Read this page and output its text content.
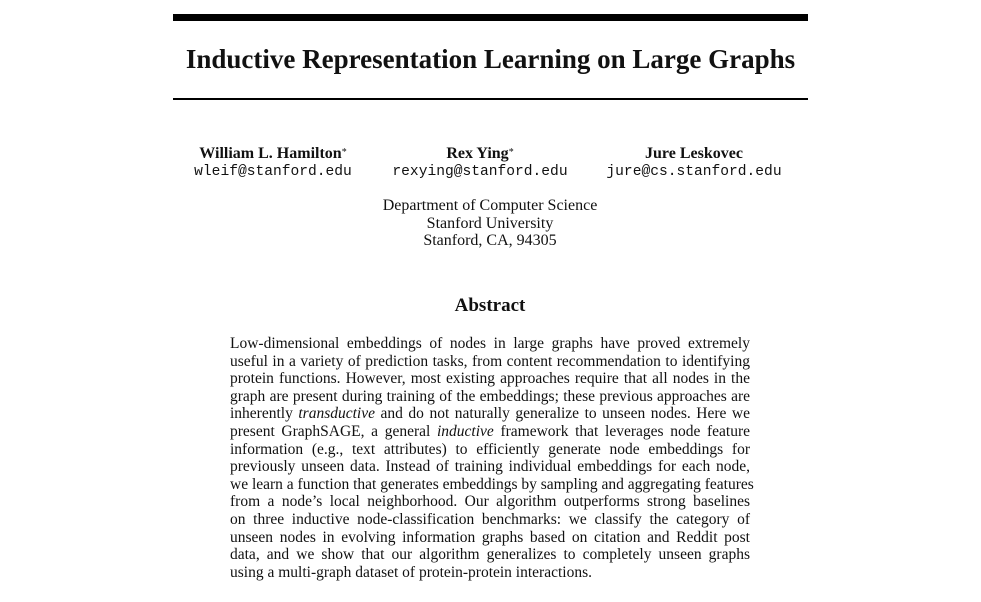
Inductive Representation Learning on Large Graphs
William L. Hamilton*
wleif@stanford.edu
Rex Ying*
rexying@stanford.edu
Jure Leskovec
jure@cs.stanford.edu
Department of Computer Science
Stanford University
Stanford, CA, 94305
Abstract
Low-dimensional embeddings of nodes in large graphs have proved extremely
useful in a variety of prediction tasks, from content recommendation to identifying
protein functions. However, most existing approaches require that all nodes in the
graph are present during training of the embeddings; these previous approaches are
inherently transductive and do not naturally generalize to unseen nodes. Here we
present GraphSAGE, a general inductive framework that leverages node feature
information (e.g., text attributes) to efficiently generate node embeddings for
previously unseen data. Instead of training individual embeddings for each node,
we learn a function that generates embeddings by sampling and aggregating features
from a node’s local neighborhood. Our algorithm outperforms strong baselines
on three inductive node-classification benchmarks: we classify the category of
unseen nodes in evolving information graphs based on citation and Reddit post
data, and we show that our algorithm generalizes to completely unseen graphs
using a multi-graph dataset of protein-protein interactions.
